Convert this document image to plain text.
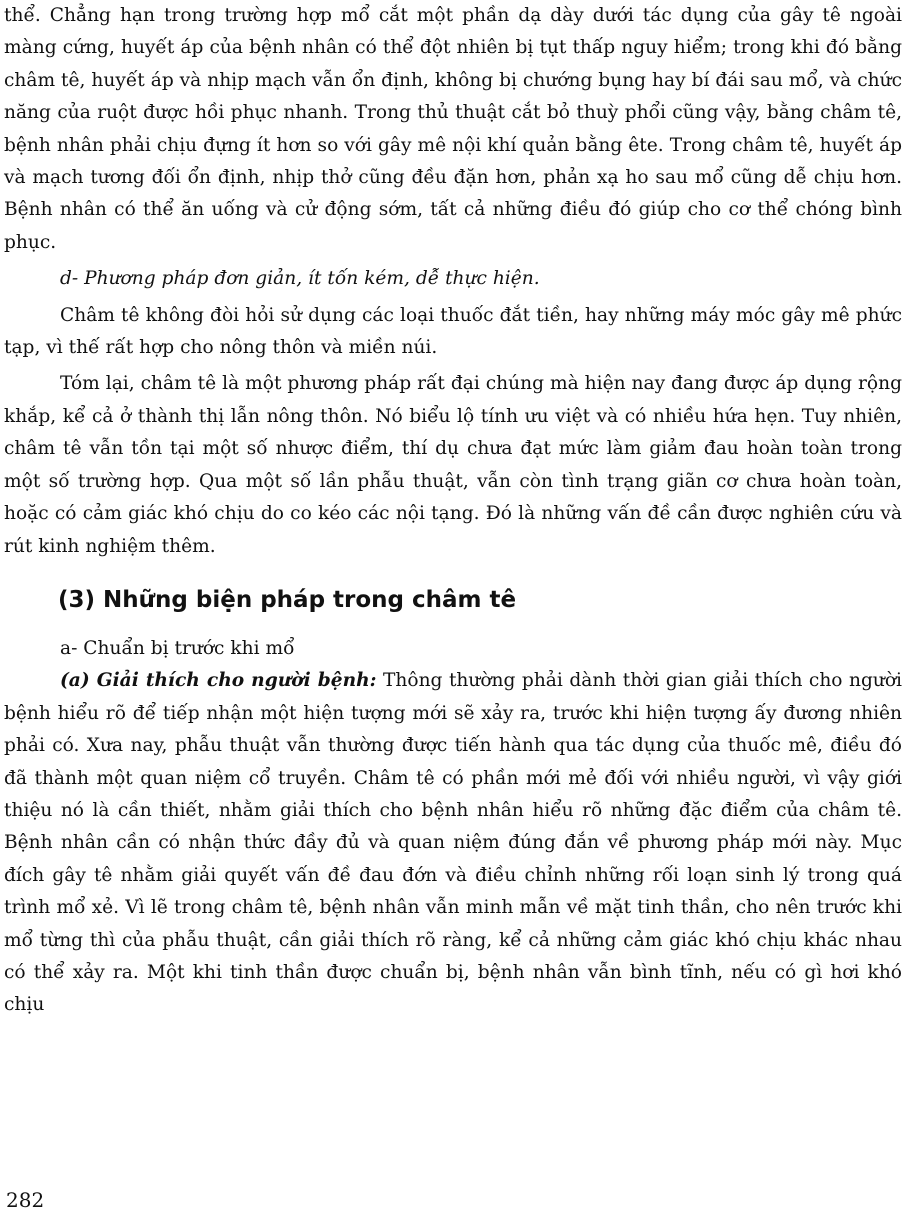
thể. Chẳng hạn trong trường hợp mổ cắt một phần dạ dày dưới tác dụng của gây tê ngoài màng cứng, huyết áp của bệnh nhân có thể đột nhiên bị tụt thấp nguy hiểm; trong khi đó bằng châm tê, huyết áp và nhịp mạch vẫn ổn định, không bị chướng bụng hay bí đái sau mổ, và chức năng của ruột được hồi phục nhanh. Trong thủ thuật cắt bỏ thuỳ phổi cũng vậy, bằng châm tê, bệnh nhân phải chịu đựng ít hơn so với gây mê nội khí quản bằng ête. Trong châm tê, huyết áp và mạch tương đối ổn định, nhịp thở cũng đều đặn hơn, phản xạ ho sau mổ cũng dễ chịu hơn. Bệnh nhân có thể ăn uống và cử động sớm, tất cả những điều đó giúp cho cơ thể chóng bình phục.

d- Phương pháp đơn giản, ít tốn kém, dễ thực hiện.

Châm tê không đòi hỏi sử dụng các loại thuốc đắt tiền, hay những máy móc gây mê phức tạp, vì thế rất hợp cho nông thôn và miền núi.

Tóm lại, châm tê là một phương pháp rất đại chúng mà hiện nay đang được áp dụng rộng khắp, kể cả ở thành thị lẫn nông thôn. Nó biểu lộ tính ưu việt và có nhiều hứa hẹn. Tuy nhiên, châm tê vẫn tồn tại một số nhược điểm, thí dụ chưa đạt mức làm giảm đau hoàn toàn trong một số trường hợp. Qua một số lần phẫu thuật, vẫn còn tình trạng giãn cơ chưa hoàn toàn, hoặc có cảm giác khó chịu do co kéo các nội tạng. Đó là những vấn đề cần được nghiên cứu và rút kinh nghiệm thêm.

(3) Những biện pháp trong châm tê

a- Chuẩn bị trước khi mổ

(a) Giải thích cho người bệnh: Thông thường phải dành thời gian giải thích cho người bệnh hiểu rõ để tiếp nhận một hiện tượng mới sẽ xảy ra, trước khi hiện tượng ấy đương nhiên phải có. Xưa nay, phẫu thuật vẫn thường được tiến hành qua tác dụng của thuốc mê, điều đó đã thành một quan niệm cổ truyền. Châm tê có phần mới mẻ đối với nhiều người, vì vậy giới thiệu nó là cần thiết, nhằm giải thích cho bệnh nhân hiểu rõ những đặc điểm của châm tê. Bệnh nhân cần có nhận thức đầy đủ và quan niệm đúng đắn về phương pháp mới này. Mục đích gây tê nhằm giải quyết vấn đề đau đớn và điều chỉnh những rối loạn sinh lý trong quá trình mổ xẻ. Vì lẽ trong châm tê, bệnh nhân vẫn minh mẫn về mặt tinh thần, cho nên trước khi mổ từng thì của phẫu thuật, cần giải thích rõ ràng, kể cả những cảm giác khó chịu khác nhau có thể xảy ra. Một khi tinh thần được chuẩn bị, bệnh nhân vẫn bình tĩnh, nếu có gì hơi khó chịu

282
